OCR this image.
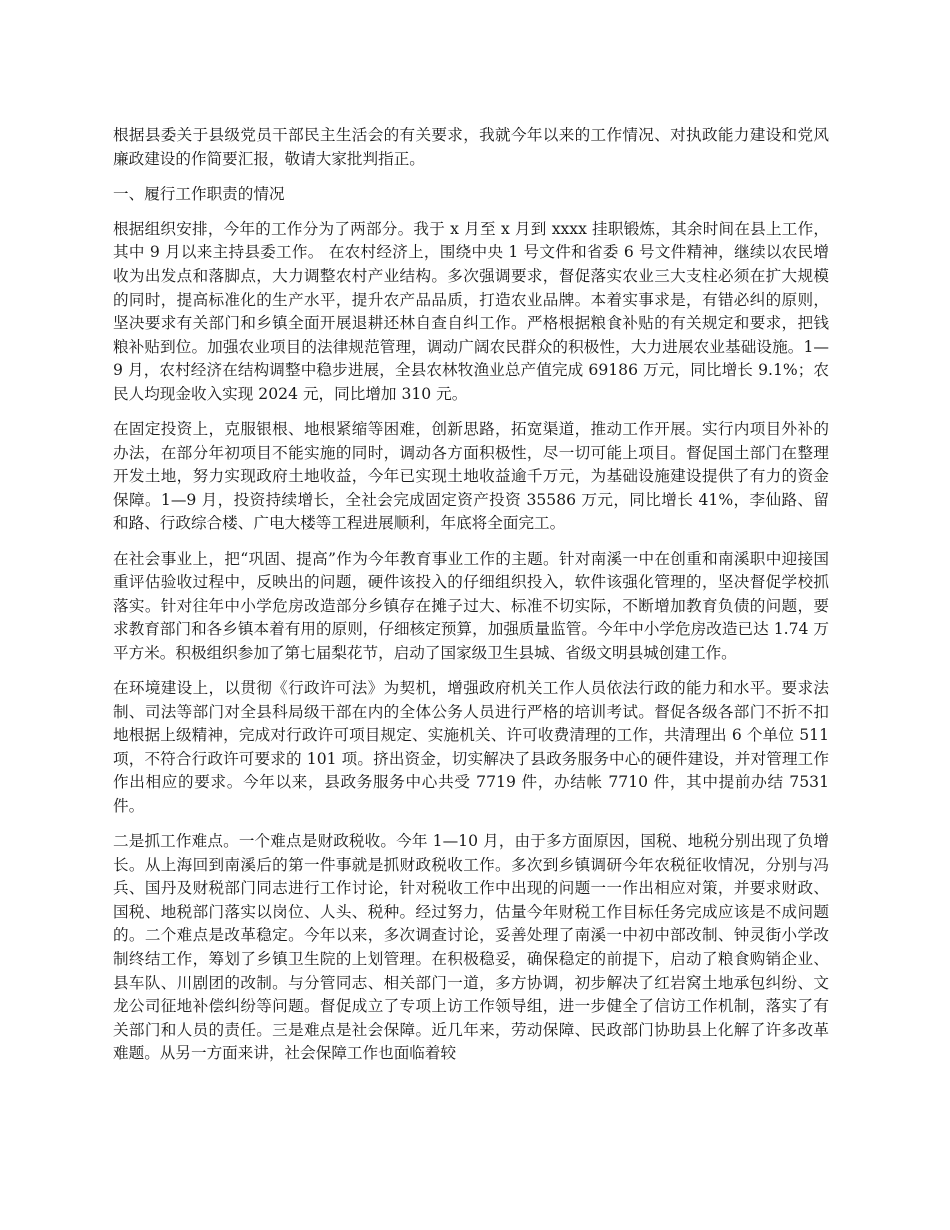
根据县委关于县级党员干部民主生活会的有关要求，我就今年以来的工作情况、对执政能力建设和党风廉政建设的作简要汇报，敬请大家批判指正。

一、履行工作职责的情况

根据组织安排，今年的工作分为了两部分。我于 x 月至 x 月到 xxxx 挂职锻炼，其余时间在县上工作，其中 9 月以来主持县委工作。 在农村经济上，围绕中央 1 号文件和省委 6 号文件精神，继续以农民增收为出发点和落脚点，大力调整农村产业结构。多次强调要求，督促落实农业三大支柱必须在扩大规模的同时，提高标准化的生产水平，提升农产品品质，打造农业品牌。本着实事求是，有错必纠的原则，坚决要求有关部门和乡镇全面开展退耕还林自查自纠工作。严格根据粮食补贴的有关规定和要求，把钱粮补贴到位。加强农业项目的法律规范管理，调动广阔农民群众的积极性，大力进展农业基础设施。1—9 月，农村经济在结构调整中稳步进展，全县农林牧渔业总产值完成 69186 万元，同比增长 9.1%；农民人均现金收入实现 2024 元，同比增加 310 元。

在固定投资上，克服银根、地根紧缩等困难，创新思路，拓宽渠道，推动工作开展。实行内项目外补的办法，在部分年初项目不能实施的同时，调动各方面积极性，尽一切可能上项目。督促国土部门在整理开发土地，努力实现政府土地收益，今年已实现土地收益逾千万元，为基础设施建设提供了有力的资金保障。1—9 月，投资持续增长，全社会完成固定资产投资 35586 万元，同比增长 41%，李仙路、留和路、行政综合楼、广电大楼等工程进展顺利，年底将全面完工。

在社会事业上，把“巩固、提高”作为今年教育事业工作的主题。针对南溪一中在创重和南溪职中迎接国重评估验收过程中，反映出的问题，硬件该投入的仔细组织投入，软件该强化管理的，坚决督促学校抓落实。针对往年中小学危房改造部分乡镇存在摊子过大、标准不切实际，不断增加教育负债的问题，要求教育部门和各乡镇本着有用的原则，仔细核定预算，加强质量监管。今年中小学危房改造已达 1.74 万平方米。积极组织参加了第七届梨花节，启动了国家级卫生县城、省级文明县城创建工作。

在环境建设上，以贯彻《行政许可法》为契机，增强政府机关工作人员依法行政的能力和水平。要求法制、司法等部门对全县科局级干部在内的全体公务人员进行严格的培训考试。督促各级各部门不折不扣地根据上级精神，完成对行政许可项目规定、实施机关、许可收费清理的工作，共清理出 6 个单位 511 项，不符合行政许可要求的 101 项。挤出资金，切实解决了县政务服务中心的硬件建设，并对管理工作作出相应的要求。今年以来，县政务服务中心共受 7719 件，办结帐 7710 件，其中提前办结 7531 件。

二是抓工作难点。一个难点是财政税收。今年 1—10 月，由于多方面原因，国税、地税分别出现了负增长。从上海回到南溪后的第一件事就是抓财政税收工作。多次到乡镇调研今年农税征收情况，分别与冯兵、国丹及财税部门同志进行工作讨论，针对税收工作中出现的问题一一作出相应对策，并要求财政、国税、地税部门落实以岗位、人头、税种。经过努力，估量今年财税工作目标任务完成应该是不成问题的。二个难点是改革稳定。今年以来，多次调查讨论，妥善处理了南溪一中初中部改制、钟灵街小学改制终结工作，筹划了乡镇卫生院的上划管理。在积极稳妥，确保稳定的前提下，启动了粮食购销企业、县车队、川剧团的改制。与分管同志、相关部门一道，多方协调，初步解决了红岩窝土地承包纠纷、文龙公司征地补偿纠纷等问题。督促成立了专项上访工作领导组，进一步健全了信访工作机制，落实了有关部门和人员的责任。三是难点是社会保障。近几年来，劳动保障、民政部门协助县上化解了许多改革难题。从另一方面来讲，社会保障工作也面临着较
